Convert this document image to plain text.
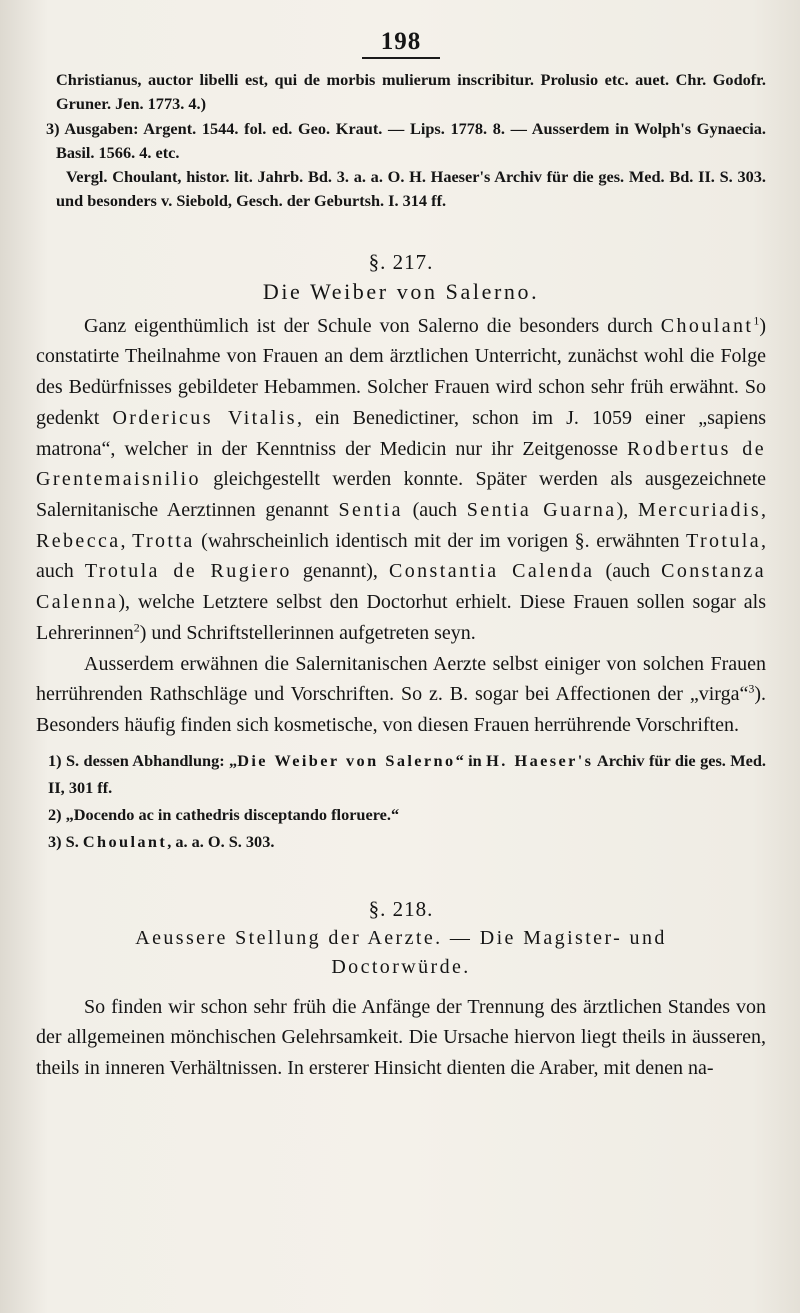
198

Christianus, auctor libelli est, qui de morbis mulierum inscribitur. Prolusio etc. auet. Chr. Godofr. Gruner. Jen. 1773. 4.)

3) Ausgaben: Argent. 1544. fol. ed. Geo. Kraut. — Lips. 1778. 8. — Ausserdem in Wolph's Gynaecia. Basil. 1566. 4. etc.

Vergl. Choulant, histor. lit. Jahrb. Bd. 3. a. a. O. H. Haeser's Archiv für die ges. Med. Bd. II. S. 303. und besonders v. Siebold, Gesch. der Geburtsh. I. 314 ff.

§. 217.
Die Weiber von Salerno.

Ganz eigenthümlich ist der Schule von Salerno die besonders durch Choulant$^1$) constatirte Theilnahme von Frauen an dem ärztlichen Unterricht, zunächst wohl die Folge des Bedürfnisses gebildeter Hebammen. Solcher Frauen wird schon sehr früh erwähnt. So gedenkt Ordericus Vitalis, ein Benedictiner, schon im J. 1059 einer „sapiens matrona“, welcher in der Kenntniss der Medicin nur ihr Zeitgenosse Rodbertus de Grentemaisnilio gleichgestellt werden konnte. Später werden als ausgezeichnete Salernitanische Aerztinnen genannt Sentia (auch Sentia Guarna), Mercuriadis, Rebecca, Trotta (wahrscheinlich identisch mit der im vorigen §. erwähnten Trotula, auch Trotula de Rugiero genannt), Constantia Calenda (auch Constanza Calenna), welche Letztere selbst den Doctorhut erhielt. Diese Frauen sollen sogar als Lehrerinnen$^2$) und Schriftstellerinnen aufgetreten seyn.

Ausserdem erwähnen die Salernitanischen Aerzte selbst einiger von solchen Frauen herrührenden Rathschläge und Vorschriften. So z. B. sogar bei Affectionen der „virga“$^3$). Besonders häufig finden sich kosmetische, von diesen Frauen herrührende Vorschriften.

1) S. dessen Abhandlung: „Die Weiber von Salerno“ in H. Haeser's Archiv für die ges. Med. II, 301 ff.

2) „Docendo ac in cathedris disceptando floruere.“

3) S. Choulant, a. a. O. S. 303.

§. 218.
Aeussere Stellung der Aerzte. — Die Magister- und
Doctorwürde.

So finden wir schon sehr früh die Anfänge der Trennung des ärztlichen Standes von der allgemeinen mönchischen Gelehrsamkeit. Die Ursache hiervon liegt theils in äusseren, theils in inneren Verhältnissen. In ersterer Hinsicht dienten die Araber, mit denen na-
